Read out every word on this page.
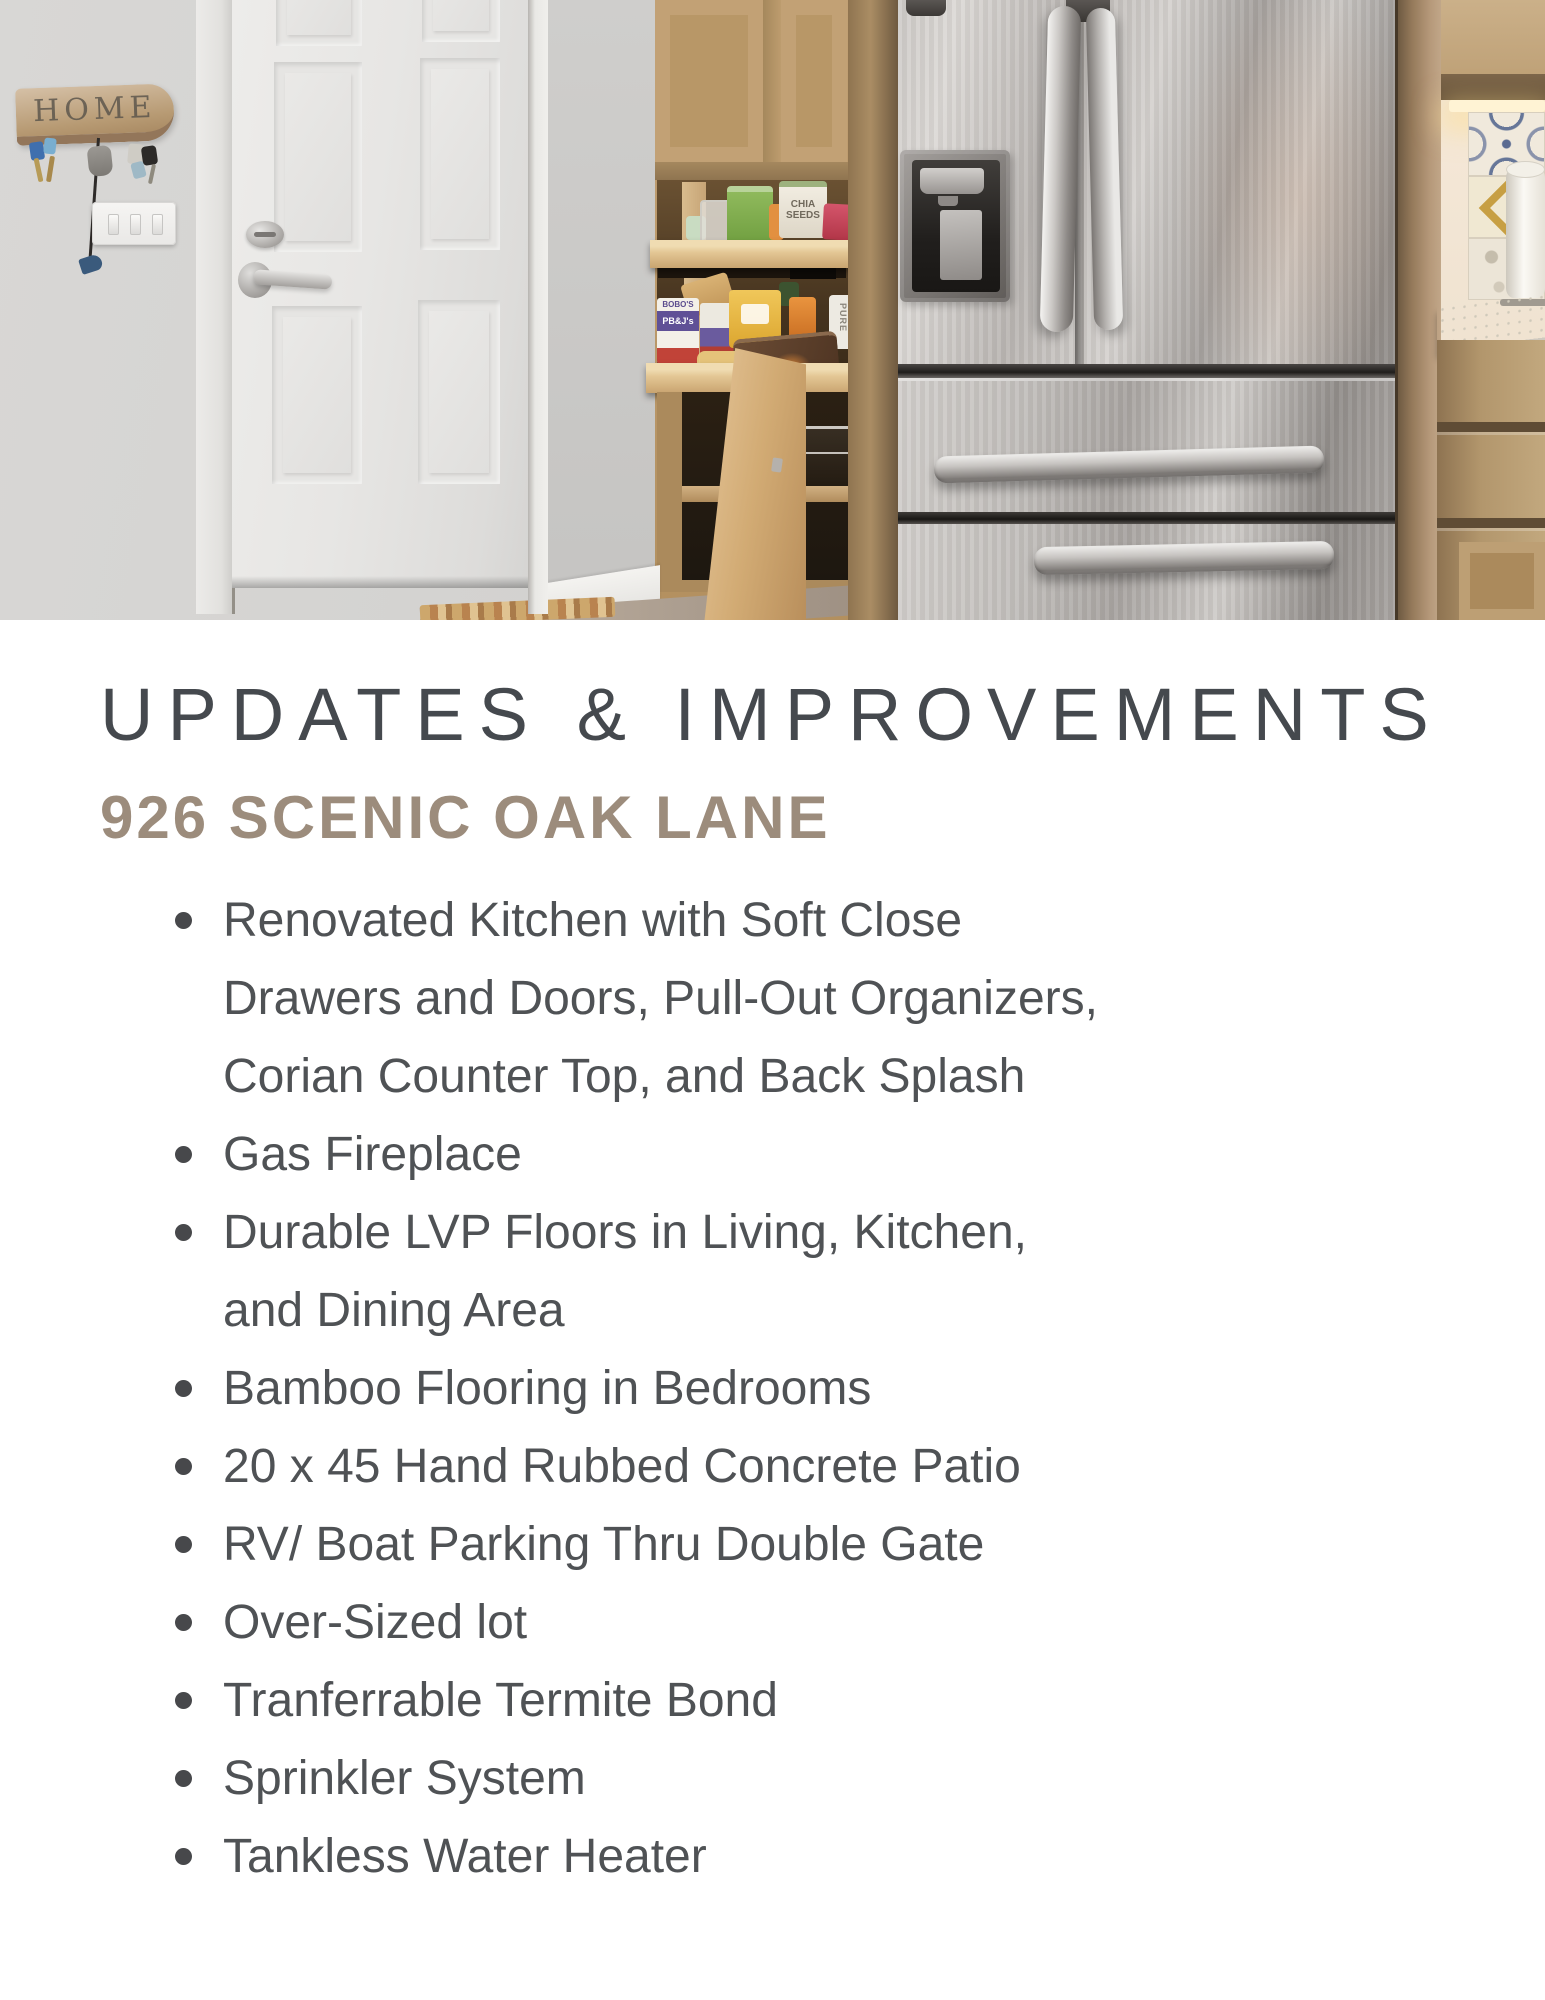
HOME
CHIA SEEDS
BOBO'S
PB&J's	PURE
UPDATES & IMPROVEMENTS
926 SCENIC OAK LANE
Renovated Kitchen with Soft Close Drawers and Doors, Pull-Out Organizers, Corian Counter Top, and Back Splash
Gas Fireplace
Durable LVP Floors in Living, Kitchen, and Dining Area
Bamboo Flooring in Bedrooms
20 x 45 Hand Rubbed Concrete Patio
RV/ Boat Parking Thru Double Gate
Over-Sized lot
Tranferrable Termite Bond
Sprinkler System
Tankless Water Heater
